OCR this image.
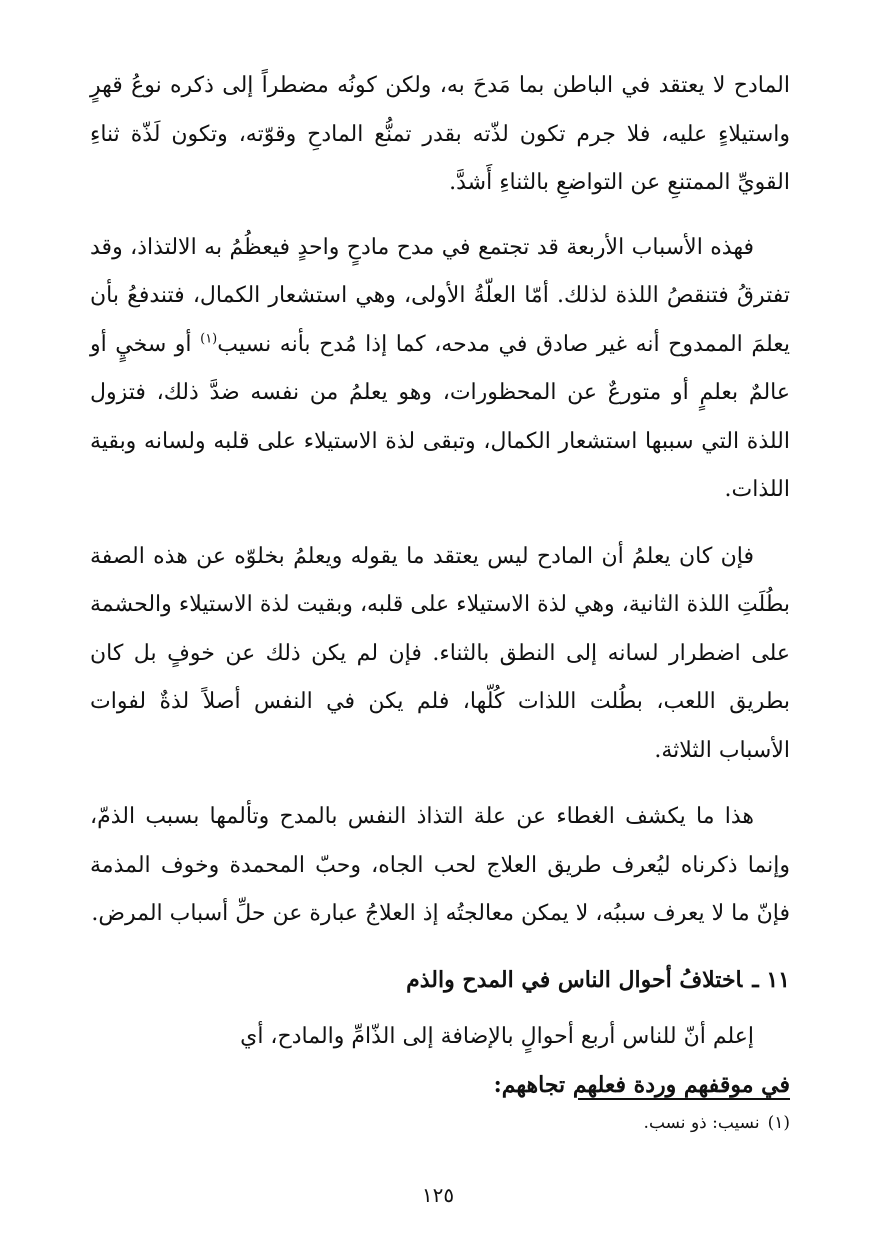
المادح لا يعتقد في الباطن بما مَدحَ به، ولكن كونُه مضطراً إلى ذكره نوعُ قهرٍ واستيلاءٍ عليه، فلا جرم تكون لذّته بقدر تمنُّع المادحِ وقوّته، وتكون لَذّة ثناءِ القويِّ الممتنعِ عن التواضعِ بالثناءِ أَشدَّ.

فهذه الأسباب الأربعة قد تجتمع في مدح مادحٍ واحدٍ فيعظُمُ به الالتذاذ، وقد تفترقُ فتنقصُ اللذة لذلك. أمّا العلّةُ الأولى، وهي استشعار الكمال، فتندفعُ بأن يعلمَ الممدوح أنه غير صادق في مدحه، كما إذا مُدح بأنه نسيب$^{(١)}$ أو سخيٍ أو عالمٌ بعلمٍ أو متورعٌ عن المحظورات، وهو يعلمُ من نفسه ضدَّ ذلك، فتزول اللذة التي سببها استشعار الكمال، وتبقى لذة الاستيلاء على قلبه ولسانه وبقية اللذات.

فإن كان يعلمُ أن المادح ليس يعتقد ما يقوله ويعلمُ بخلوّه عن هذه الصفة بطُلَتِ اللذة الثانية، وهي لذة الاستيلاء على قلبه، وبقيت لذة الاستيلاء والحشمة على اضطرار لسانه إلى النطق بالثناء. فإن لم يكن ذلك عن خوفٍ بل كان بطريق اللعب، بطُلت اللذات كُلّها، فلم يكن في النفس أصلاً لذةٌ لفوات الأسباب الثلاثة.

هذا ما يكشف الغطاء عن علة التذاذ النفس بالمدح وتألمها بسبب الذمّ، وإنما ذكرناه ليُعرف طريق العلاج لحب الجاه، وحبّ المحمدة وخوف المذمة فإنّ ما لا يعرف سببُه، لا يمكن معالجتُه إذ العلاجُ عبارة عن حلِّ أسباب المرض.

١١ ـاختلافُ أحوال الناس في المدح والذم

إعلم أنّ للناس أربع أحوالٍ بالإضافة إلى الذّامِّ والمادح، أي

في موقفهم وردة فعلهم تجاههم:

(١)نسيب: ذو نسب.
١٢٥
